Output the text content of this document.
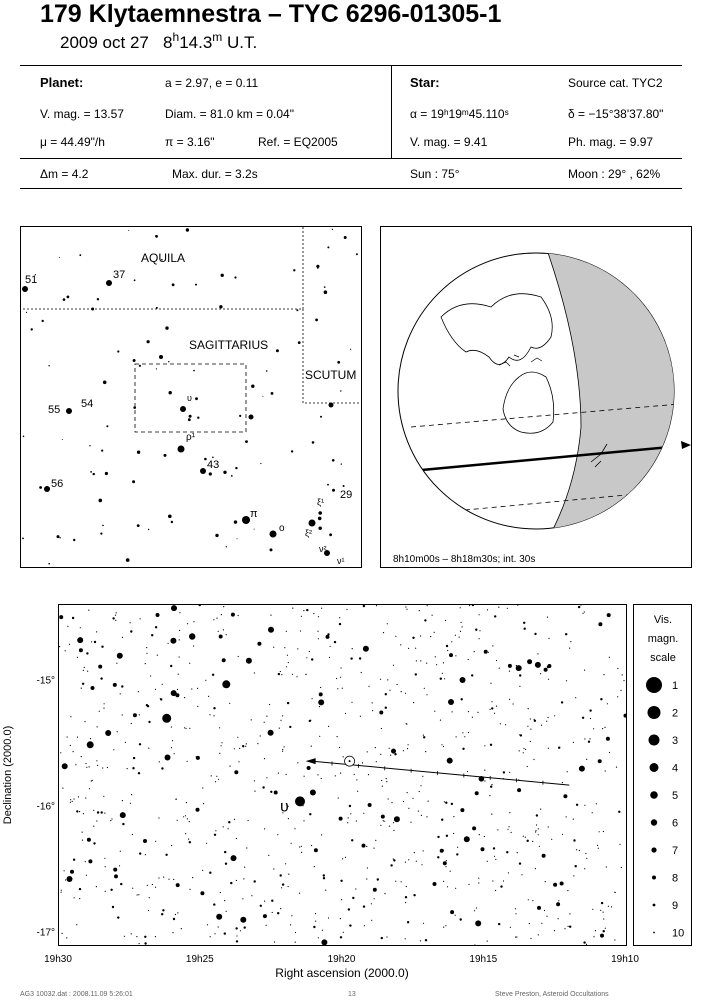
179 Klytaemnestra – TYC 6296-01305-1
2009 oct 27 8$^h$14.3$^m$ U.T.
Planet:	a = 2.97, e = 0.11
V. mag. = 13.57	Diam. = 81.0 km = 0.04"
μ = 44.49"/h	π = 3.16"	Ref. = EQ2005
Star:	Source cat. TYC2
α = 19ʰ19ᵐ45.110ˢ	δ = −15°38'37.80"
V. mag. = 9.41	Ph. mag. = 9.97
Δm = 4.2	Max. dur. = 3.2s	Sun : 75°	Moon : 29° , 62%
AQUILA
SAGITTARIUS
SCUTUM
51	37
55 54
56
43
29
υ
ρ¹
π
o
ξ¹
ξ²
ν²
ν¹	8h10m00s – 8h18m30s; int. 30s
υ
19h30	19h25	19h20	19h15	19h10
-15°
-16°
-17°
Right ascension (2000.0)
Declination (2000.0)
Vis.
magn.
scale
1
2
3
4
5
6
7
8
9
10
AG3 10032.dat : 2008.11.09 5:26:01	13	Steve Preston, Asteroid Occultations
